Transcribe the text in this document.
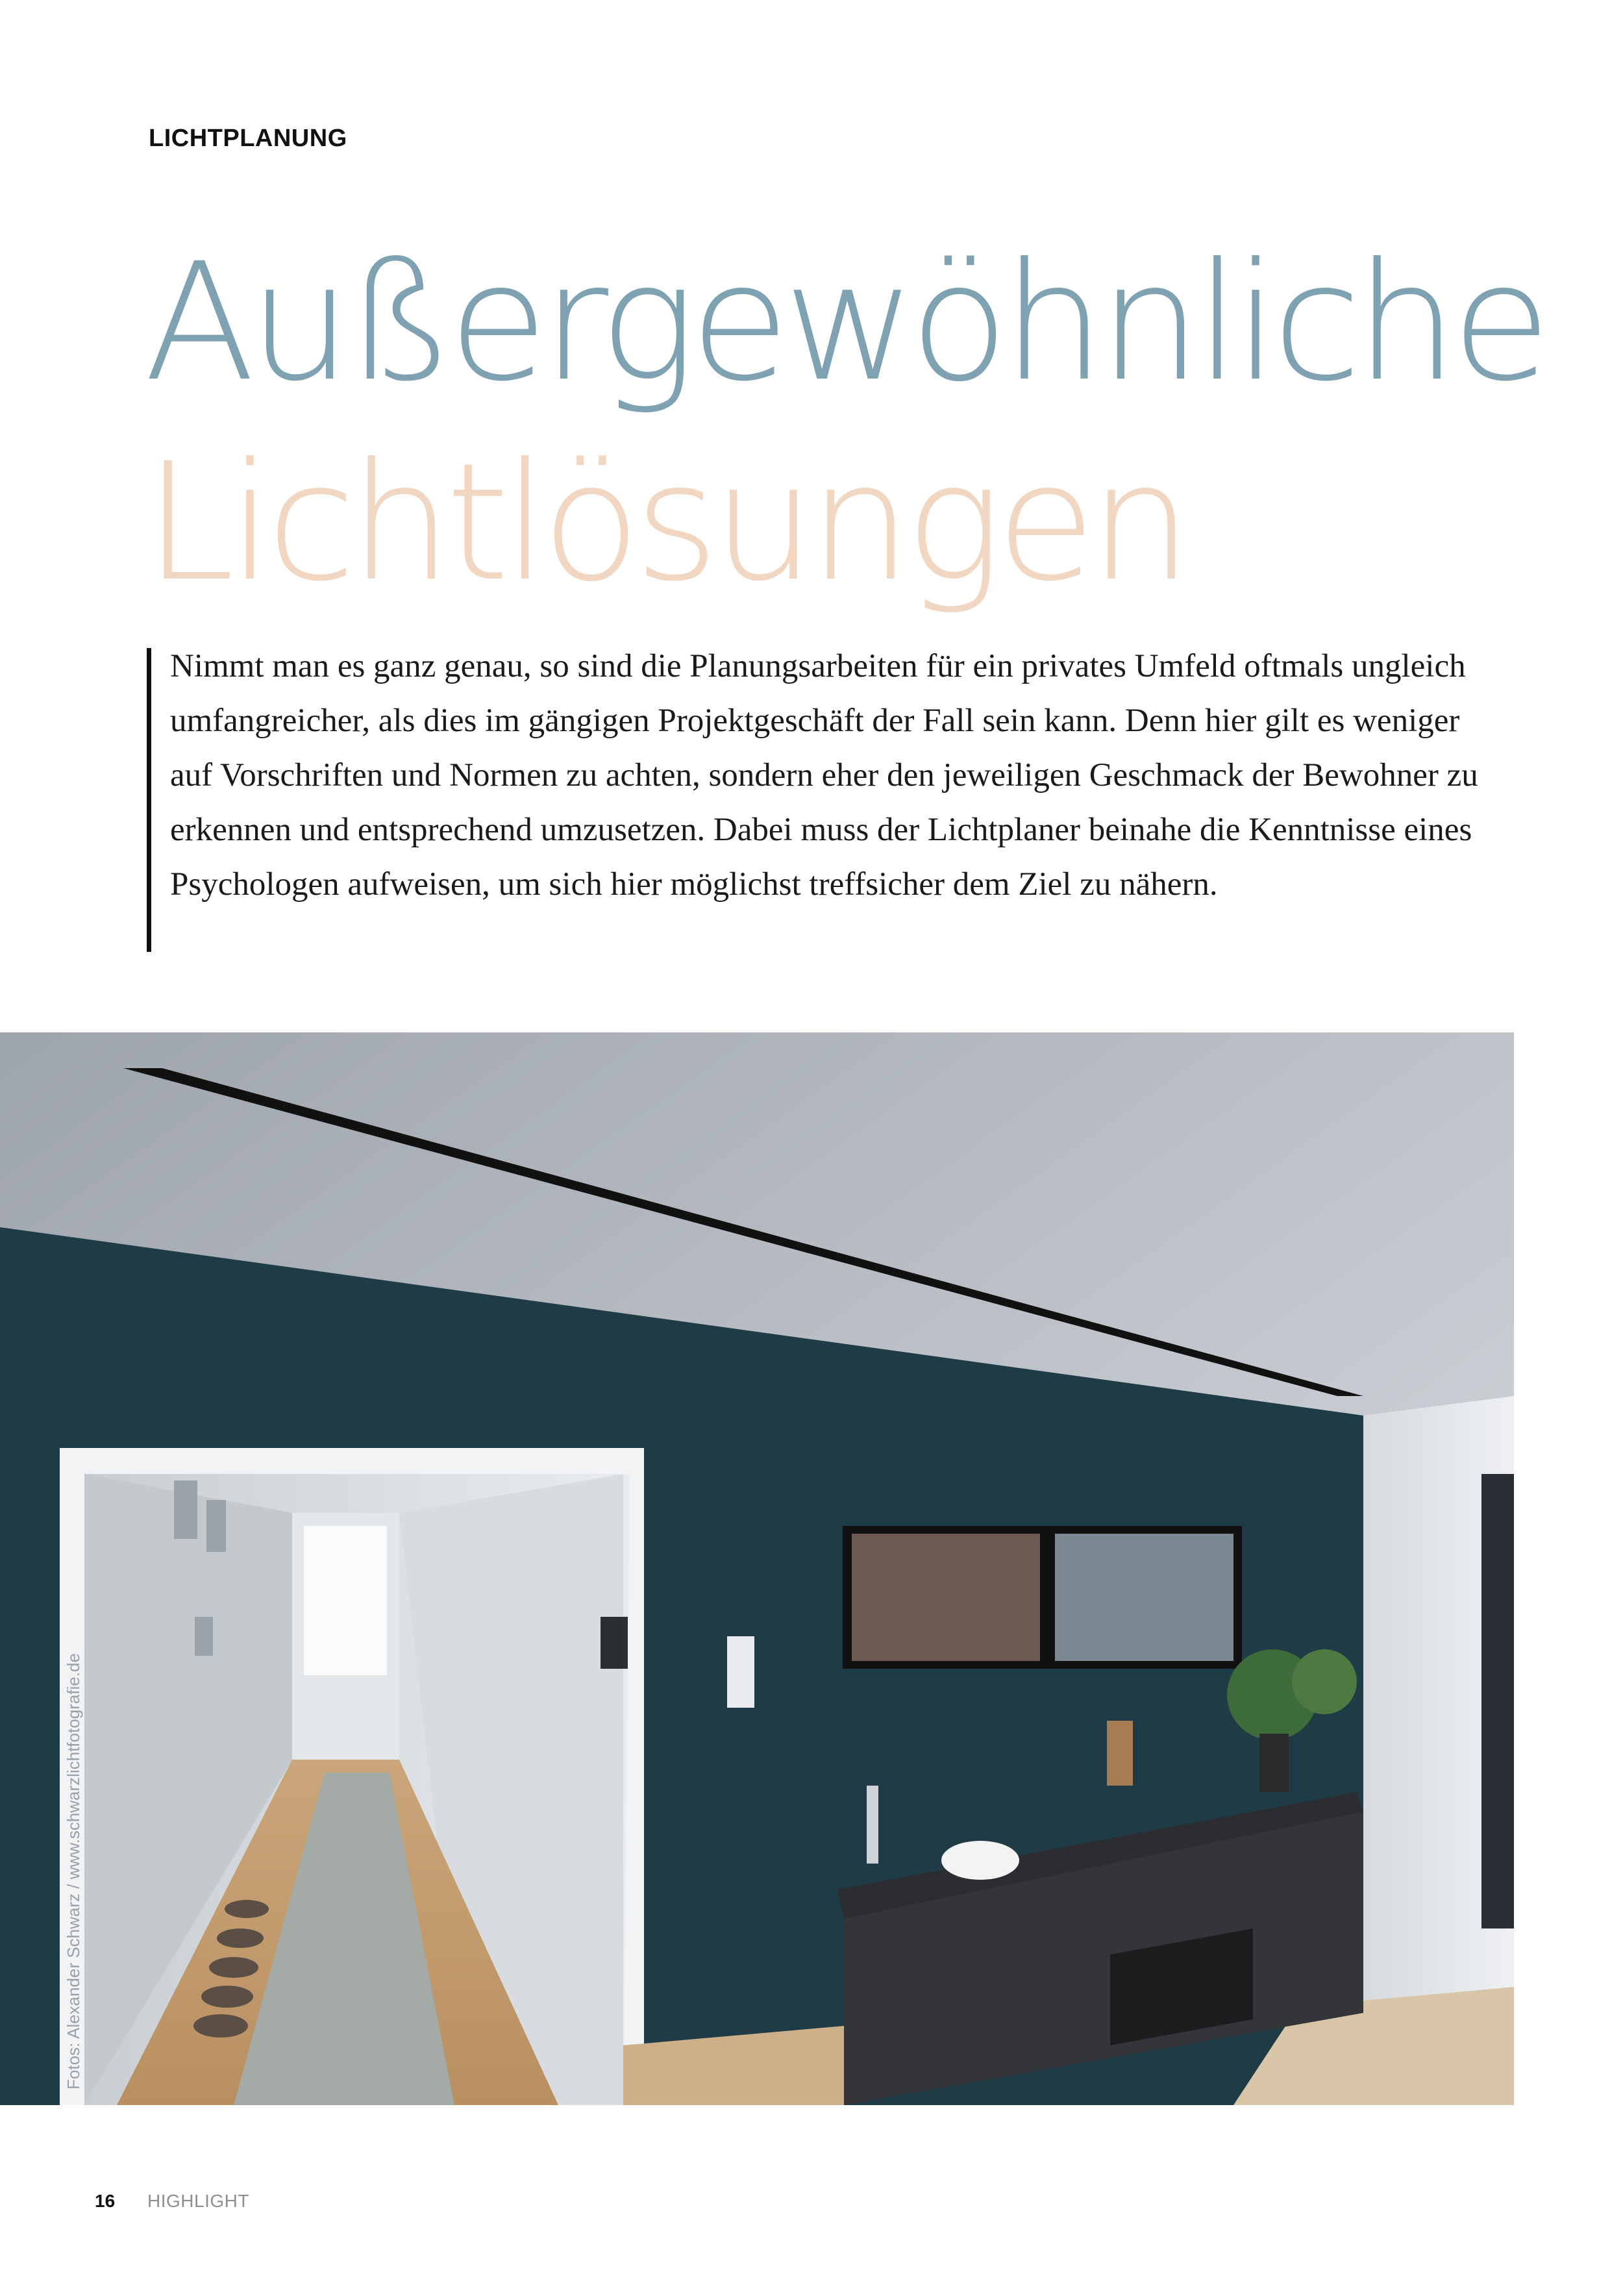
LICHTPLANUNG
Außergewöhnliche
Lichtlösungen

Nimmt man es ganz genau, so sind die Planungsarbeiten für ein privates Umfeld oftmals ungleich umfangreicher, als dies im gängigen Projektgeschäft der Fall sein kann. Denn hier gilt es weniger auf Vorschriften und Normen zu achten, sondern eher den jeweiligen Geschmack der Bewohner zu erkennen und entsprechend umzusetzen. Dabei muss der Lichtplaner beinahe die Kenntnisse eines Psychologen aufweisen, um sich hier möglichst treffsicher dem Ziel zu nähern.

Fotos: Alexander Schwarz / www.schwarzlichtfotografie.de
16 HIGHLIGHT
